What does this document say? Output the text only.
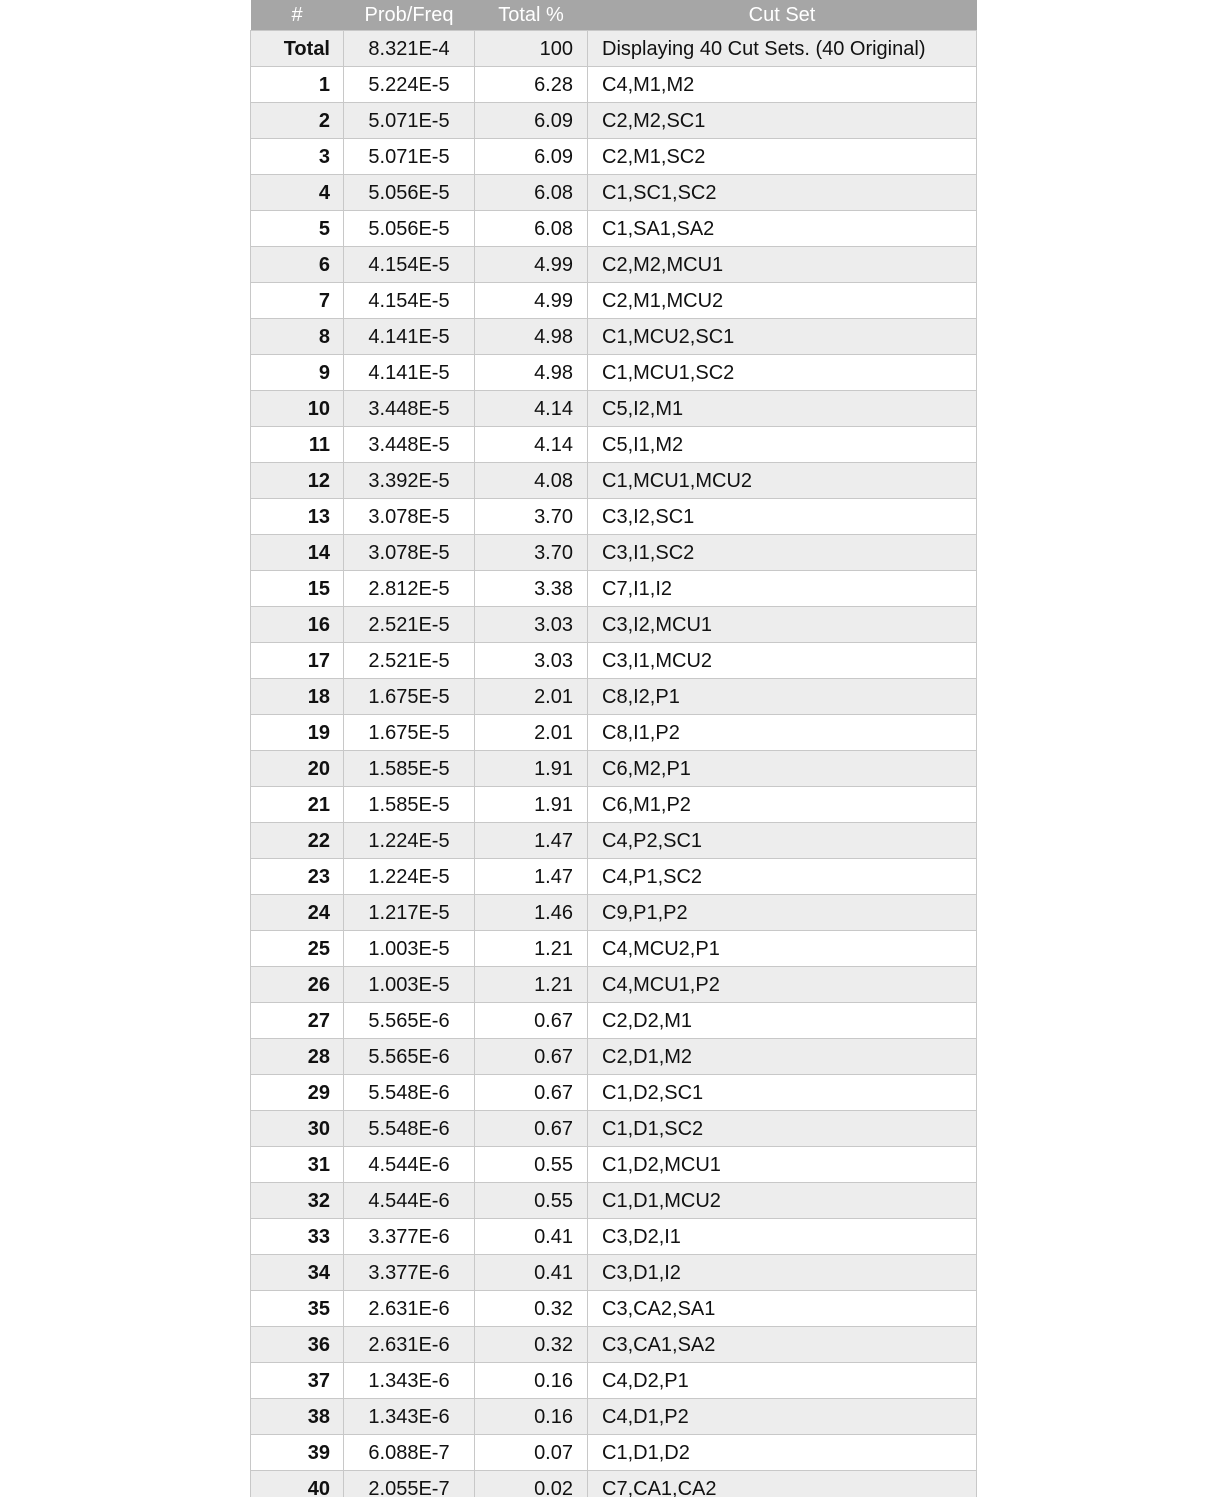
#	Prob/Freq	Total %	Cut Set
Total	8.321E-4	100	Displaying 40 Cut Sets. (40 Original)
1	5.224E-5	6.28	C4,M1,M2
2	5.071E-5	6.09	C2,M2,SC1
3	5.071E-5	6.09	C2,M1,SC2
4	5.056E-5	6.08	C1,SC1,SC2
5	5.056E-5	6.08	C1,SA1,SA2
6	4.154E-5	4.99	C2,M2,MCU1
7	4.154E-5	4.99	C2,M1,MCU2
8	4.141E-5	4.98	C1,MCU2,SC1
9	4.141E-5	4.98	C1,MCU1,SC2
10	3.448E-5	4.14	C5,I2,M1
11	3.448E-5	4.14	C5,I1,M2
12	3.392E-5	4.08	C1,MCU1,MCU2
13	3.078E-5	3.70	C3,I2,SC1
14	3.078E-5	3.70	C3,I1,SC2
15	2.812E-5	3.38	C7,I1,I2
16	2.521E-5	3.03	C3,I2,MCU1
17	2.521E-5	3.03	C3,I1,MCU2
18	1.675E-5	2.01	C8,I2,P1
19	1.675E-5	2.01	C8,I1,P2
20	1.585E-5	1.91	C6,M2,P1
21	1.585E-5	1.91	C6,M1,P2
22	1.224E-5	1.47	C4,P2,SC1
23	1.224E-5	1.47	C4,P1,SC2
24	1.217E-5	1.46	C9,P1,P2
25	1.003E-5	1.21	C4,MCU2,P1
26	1.003E-5	1.21	C4,MCU1,P2
27	5.565E-6	0.67	C2,D2,M1
28	5.565E-6	0.67	C2,D1,M2
29	5.548E-6	0.67	C1,D2,SC1
30	5.548E-6	0.67	C1,D1,SC2
31	4.544E-6	0.55	C1,D2,MCU1
32	4.544E-6	0.55	C1,D1,MCU2
33	3.377E-6	0.41	C3,D2,I1
34	3.377E-6	0.41	C3,D1,I2
35	2.631E-6	0.32	C3,CA2,SA1
36	2.631E-6	0.32	C3,CA1,SA2
37	1.343E-6	0.16	C4,D2,P1
38	1.343E-6	0.16	C4,D1,P2
39	6.088E-7	0.07	C1,D1,D2
40	2.055E-7	0.02	C7,CA1,CA2
